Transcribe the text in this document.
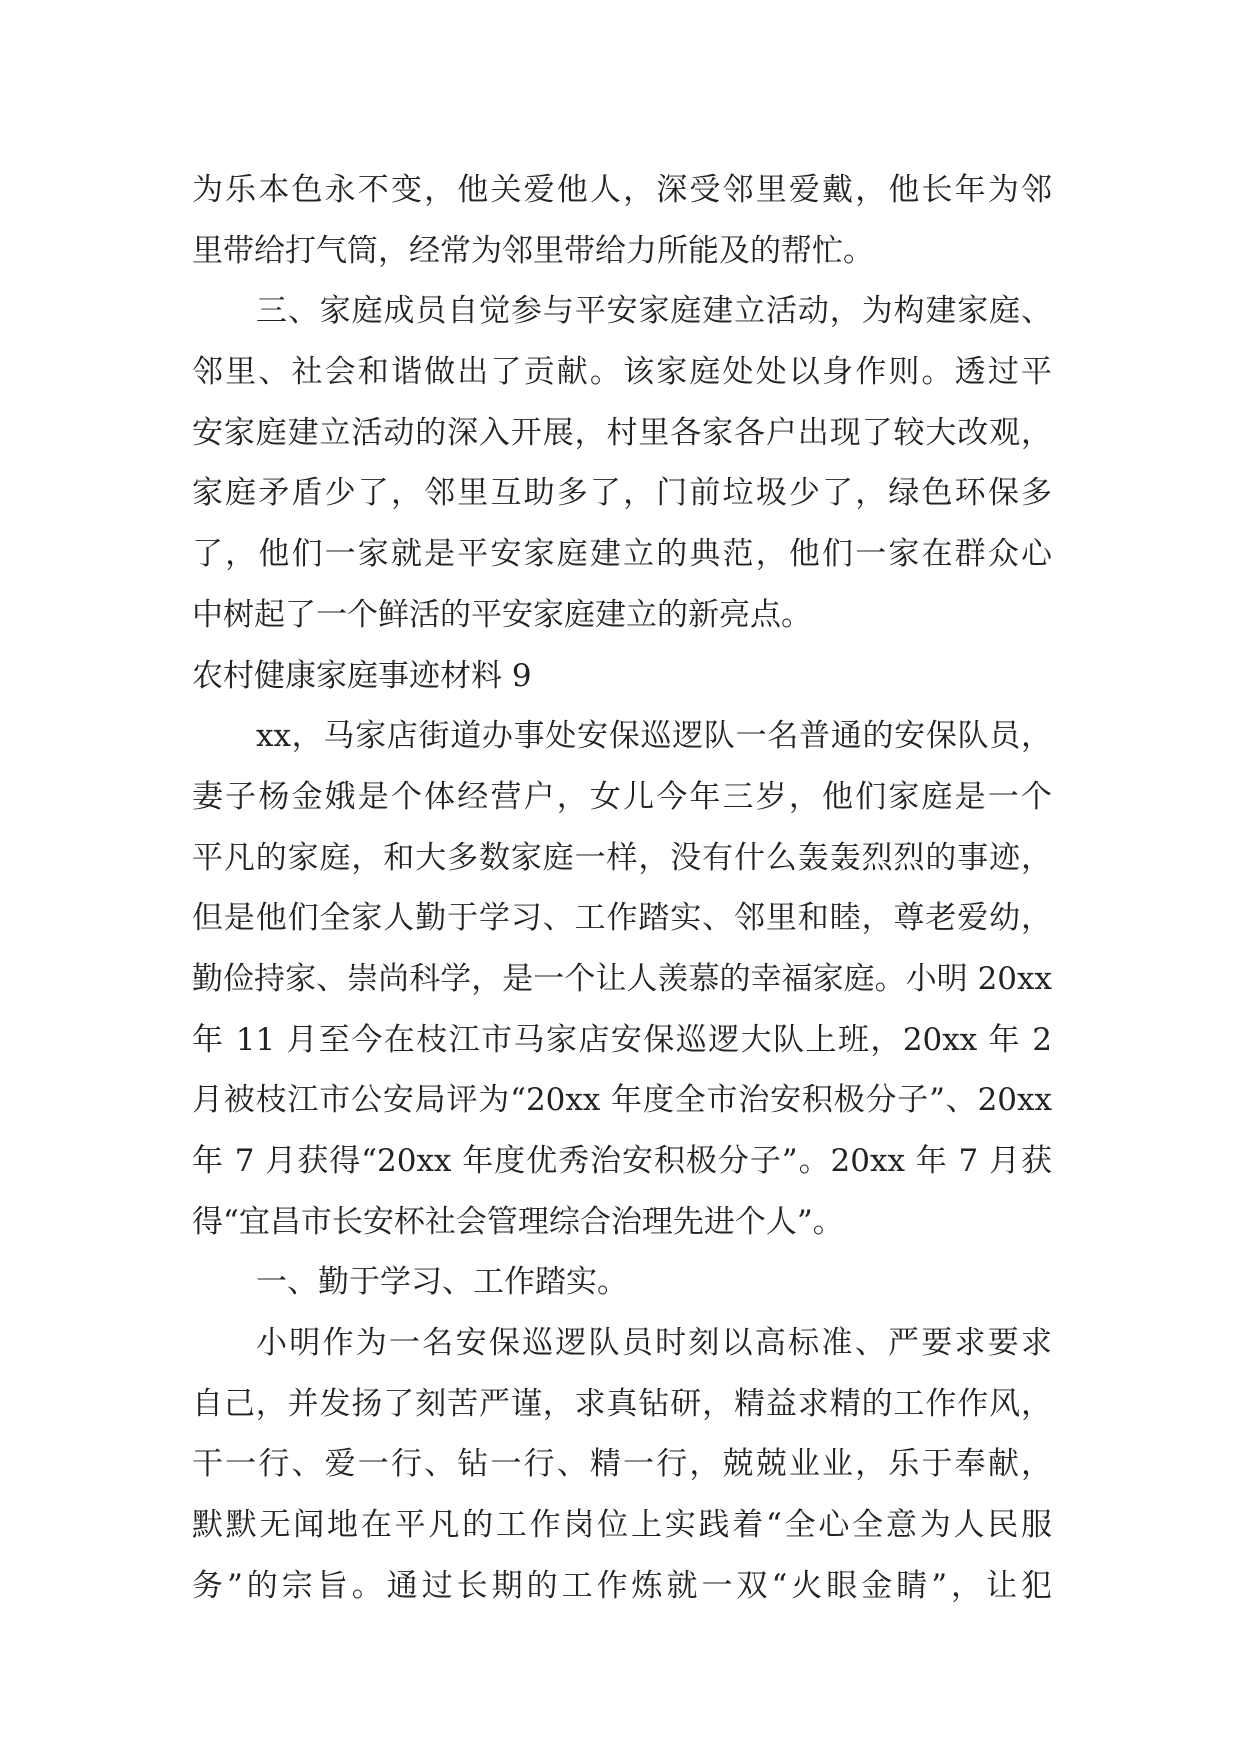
为乐本色永不变，他关爱他人，深受邻里爱戴，他长年为邻
里带给打气筒，经常为邻里带给力所能及的帮忙。
三、家庭成员自觉参与平安家庭建立活动，为构建家庭、
邻里、社会和谐做出了贡献。该家庭处处以身作则。透过平
安家庭建立活动的深入开展，村里各家各户出现了较大改观，
家庭矛盾少了，邻里互助多了，门前垃圾少了，绿色环保多
了，他们一家就是平安家庭建立的典范，他们一家在群众心
中树起了一个鲜活的平安家庭建立的新亮点。
农村健康家庭事迹材料 9
xx，马家店街道办事处安保巡逻队一名普通的安保队员，
妻子杨金娥是个体经营户，女儿今年三岁，他们家庭是一个
平凡的家庭，和大多数家庭一样，没有什么轰轰烈烈的事迹，
但是他们全家人勤于学习、工作踏实、邻里和睦，尊老爱幼，
勤俭持家、崇尚科学，是一个让人羡慕的幸福家庭。小明 20xx
年 11 月至今在枝江市马家店安保巡逻大队上班，20xx 年 2
月被枝江市公安局评为“20xx 年度全市治安积极分子”、20xx
年 7 月获得“20xx 年度优秀治安积极分子”。20xx 年 7 月获
得“宜昌市长安杯社会管理综合治理先进个人”。
一、勤于学习、工作踏实。
小明作为一名安保巡逻队员时刻以高标准、严要求要求
自己，并发扬了刻苦严谨，求真钻研，精益求精的工作作风，
干一行、爱一行、钻一行、精一行，兢兢业业，乐于奉献，
默默无闻地在平凡的工作岗位上实践着“全心全意为人民服
务”的宗旨。通过长期的工作炼就一双“火眼金睛”，让犯
